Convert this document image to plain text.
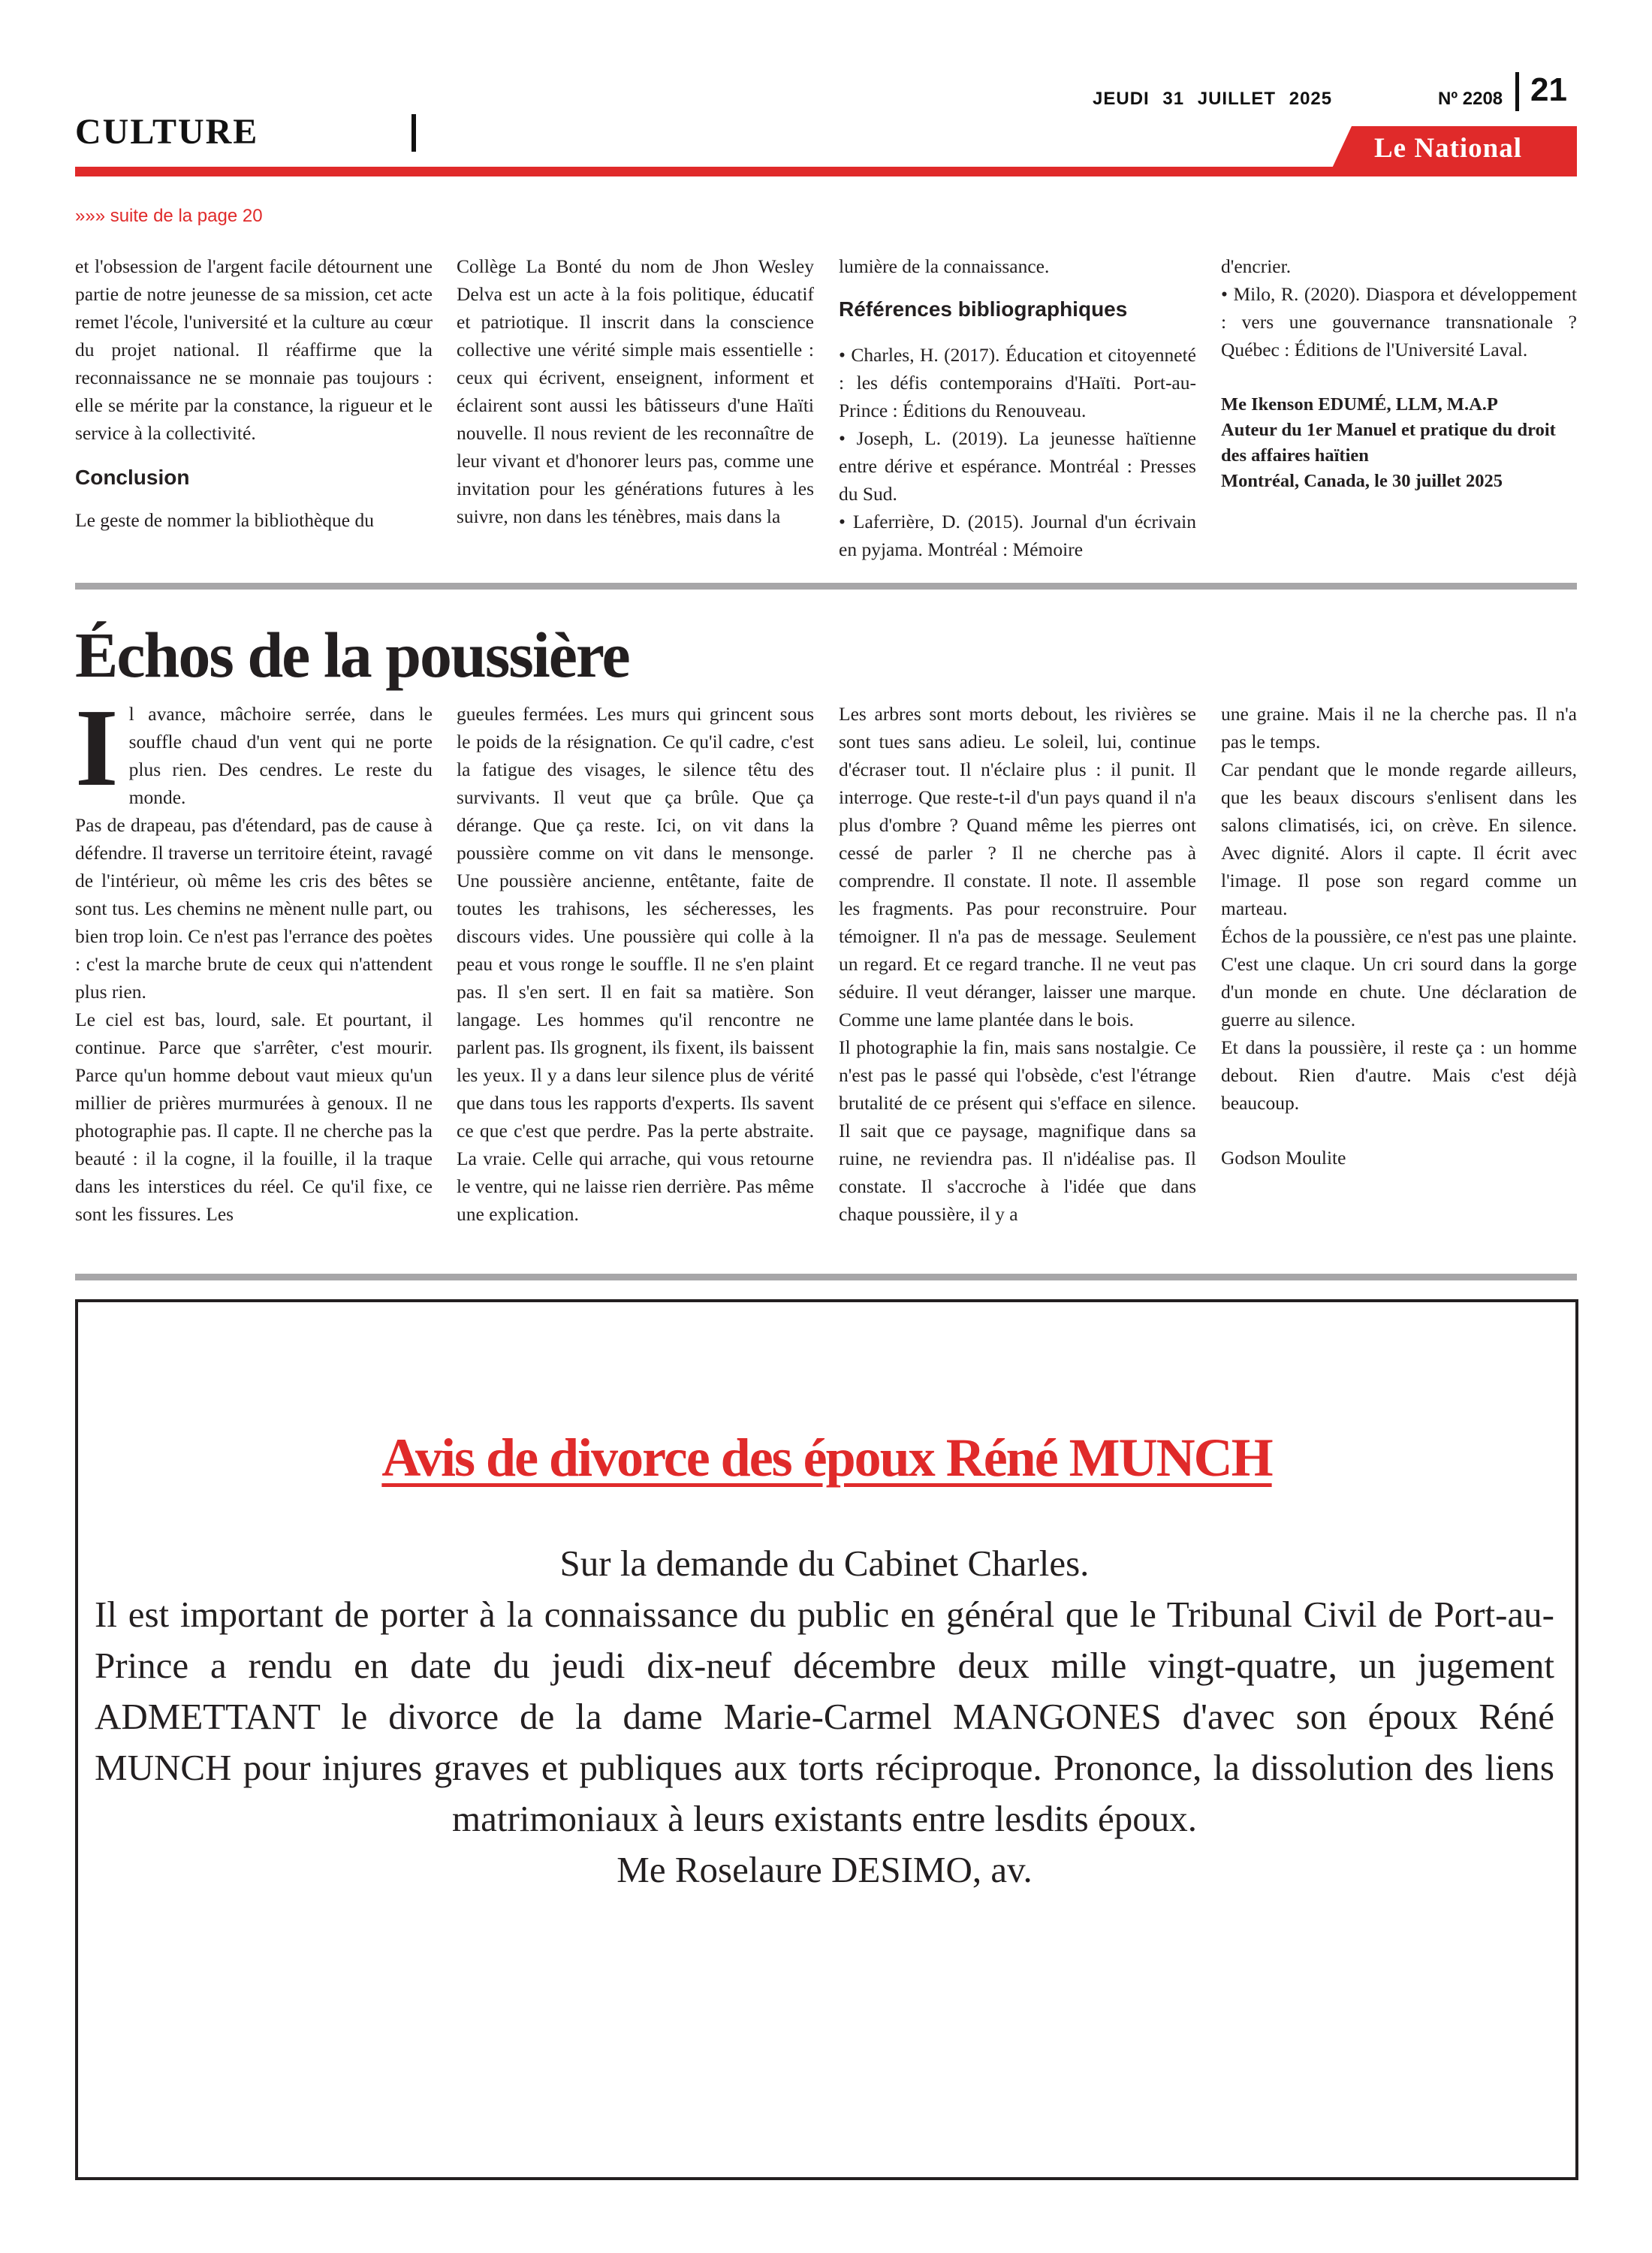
CULTURE
JEUDI 31 JUILLET 2025	Nº 2208 21
Le National
»»» suite de la page 20

et l'obsession de l'argent facile détournent une partie de notre jeunesse de sa mission, cet acte remet l'école, l'université et la culture au cœur du projet national. Il réaffirme que la reconnaissance ne se monnaie pas toujours : elle se mérite par la constance, la rigueur et le service à la collectivité.

Conclusion

Le geste de nommer la bibliothèque du

Collège La Bonté du nom de Jhon Wesley Delva est un acte à la fois politique, éducatif et patriotique. Il inscrit dans la conscience collective une vérité simple mais essentielle : ceux qui écrivent, enseignent, informent et éclairent sont aussi les bâtisseurs d'une Haïti nouvelle. Il nous revient de les reconnaître de leur vivant et d'honorer leurs pas, comme une invitation pour les générations futures à les suivre, non dans les ténèbres, mais dans la

lumière de la connaissance.

Références bibliographiques

• Charles, H. (2017). Éducation et citoyenneté : les défis contemporains d'Haïti. Port-au-Prince : Éditions du Renouveau.

• Joseph, L. (2019). La jeunesse haïtienne entre dérive et espérance. Montréal : Presses du Sud.

• Laferrière, D. (2015). Journal d'un écrivain en pyjama. Montréal : Mémoire

d'encrier.

• Milo, R. (2020). Diaspora et développement : vers une gouvernance transnationale ? Québec : Éditions de l'Université Laval.

Me Ikenson EDUMÉ, LLM, M.A.P

Auteur du 1er Manuel et pratique du droit des affaires haïtien

Montréal, Canada, le 30 juillet 2025

Échos de la poussière
I l avance, mâchoire serrée, dans le souffle chaud d'un vent qui ne porte plus rien. Des cendres. Le reste du monde.

Pas de drapeau, pas d'étendard, pas de cause à défendre. Il traverse un territoire éteint, ravagé de l'intérieur, où même les cris des bêtes se sont tus. Les chemins ne mènent nulle part, ou bien trop loin. Ce n'est pas l'errance des poètes : c'est la marche brute de ceux qui n'attendent plus rien.

Le ciel est bas, lourd, sale. Et pourtant, il continue. Parce que s'arrêter, c'est mourir. Parce qu'un homme debout vaut mieux qu'un millier de prières murmurées à genoux. Il ne photographie pas. Il capte. Il ne cherche pas la beauté : il la cogne, il la fouille, il la traque dans les interstices du réel. Ce qu'il fixe, ce sont les fissures. Les

gueules fermées. Les murs qui grincent sous le poids de la résignation. Ce qu'il cadre, c'est la fatigue des visages, le silence têtu des survivants. Il veut que ça brûle. Que ça dérange. Que ça reste. Ici, on vit dans la poussière comme on vit dans le mensonge. Une poussière ancienne, entêtante, faite de toutes les trahisons, les sécheresses, les discours vides. Une poussière qui colle à la peau et vous ronge le souffle. Il ne s'en plaint pas. Il s'en sert. Il en fait sa matière. Son langage. Les hommes qu'il rencontre ne parlent pas. Ils grognent, ils fixent, ils baissent les yeux. Il y a dans leur silence plus de vérité que dans tous les rapports d'experts. Ils savent ce que c'est que perdre. Pas la perte abstraite. La vraie. Celle qui arrache, qui vous retourne le ventre, qui ne laisse rien derrière. Pas même une explication.

Les arbres sont morts debout, les rivières se sont tues sans adieu. Le soleil, lui, continue d'écraser tout. Il n'éclaire plus : il punit. Il interroge. Que reste-t-il d'un pays quand il n'a plus d'ombre ? Quand même les pierres ont cessé de parler ? Il ne cherche pas à comprendre. Il constate. Il note. Il assemble les fragments. Pas pour reconstruire. Pour témoigner. Il n'a pas de message. Seulement un regard. Et ce regard tranche. Il ne veut pas séduire. Il veut déranger, laisser une marque. Comme une lame plantée dans le bois.

Il photographie la fin, mais sans nostalgie. Ce n'est pas le passé qui l'obsède, c'est l'étrange brutalité de ce présent qui s'efface en silence. Il sait que ce paysage, magnifique dans sa ruine, ne reviendra pas. Il n'idéalise pas. Il constate. Il s'accroche à l'idée que dans chaque poussière, il y a

une graine. Mais il ne la cherche pas. Il n'a pas le temps.

Car pendant que le monde regarde ailleurs, que les beaux discours s'enlisent dans les salons climatisés, ici, on crève. En silence. Avec dignité. Alors il capte. Il écrit avec l'image. Il pose son regard comme un marteau.

Échos de la poussière, ce n'est pas une plainte. C'est une claque. Un cri sourd dans la gorge d'un monde en chute. Une déclaration de guerre au silence.

Et dans la poussière, il reste ça : un homme debout. Rien d'autre. Mais c'est déjà beaucoup.

Godson Moulite

Avis de divorce des époux Réné MUNCH
Sur la demande du Cabinet Charles.
Il est important de porter à la connaissance du public en général que le Tribunal Civil de Port-au-Prince a rendu en date du jeudi dix-neuf décembre deux mille vingt-quatre, un jugement ADMETTANT le divorce de la dame Marie-Carmel MANGONES d'avec son époux Réné MUNCH pour injures graves et publiques aux torts réciproque. Prononce, la dissolution des liens matrimoniaux à leurs existants entre lesdits époux.
Me Roselaure DESIMO, av.
